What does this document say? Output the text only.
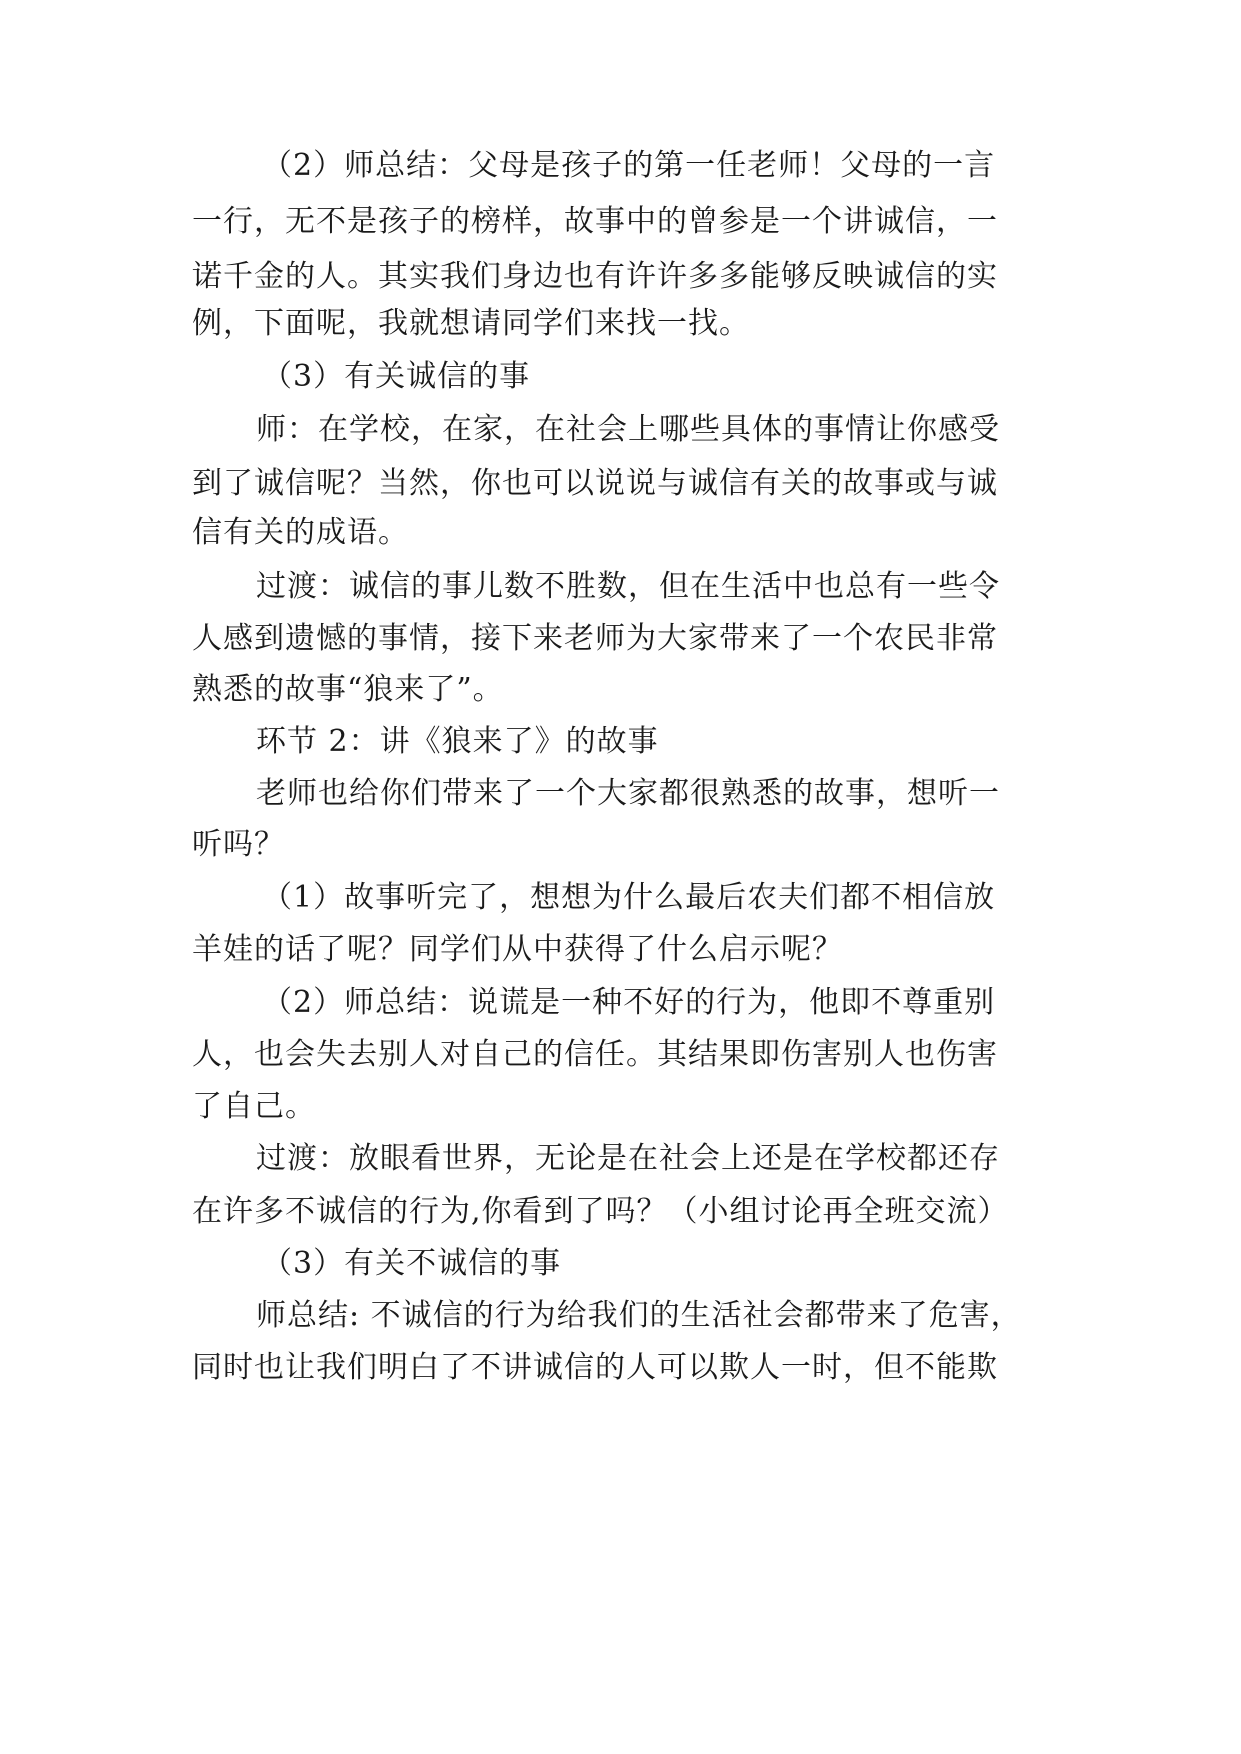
（2）师总结：父母是孩子的第一任老师！父母的一言
一行，无不是孩子的榜样，故事中的曾参是一个讲诚信，一
诺千金的人。其实我们身边也有许许多多能够反映诚信的实
例，下面呢，我就想请同学们来找一找。
（3）有关诚信的事
师：在学校，在家，在社会上哪些具体的事情让你感受
到了诚信呢？当然，你也可以说说与诚信有关的故事或与诚
信有关的成语。
过渡：诚信的事儿数不胜数，但在生活中也总有一些令
人感到遗憾的事情，接下来老师为大家带来了一个农民非常
熟悉的故事“狼来了”。
环节 2：讲《狼来了》的故事
老师也给你们带来了一个大家都很熟悉的故事，想听一
听吗？
（1）故事听完了，想想为什么最后农夫们都不相信放
羊娃的话了呢？同学们从中获得了什么启示呢？
（2）师总结：说谎是一种不好的行为，他即不尊重别
人，也会失去别人对自己的信任。其结果即伤害别人也伤害
了自己。
过渡：放眼看世界，无论是在社会上还是在学校都还存
在许多不诚信的行为,你看到了吗？（小组讨论再全班交流）
（3）有关不诚信的事
师总结: 不诚信的行为给我们的生活社会都带来了危害，
同时也让我们明白了不讲诚信的人可以欺人一时，但不能欺
